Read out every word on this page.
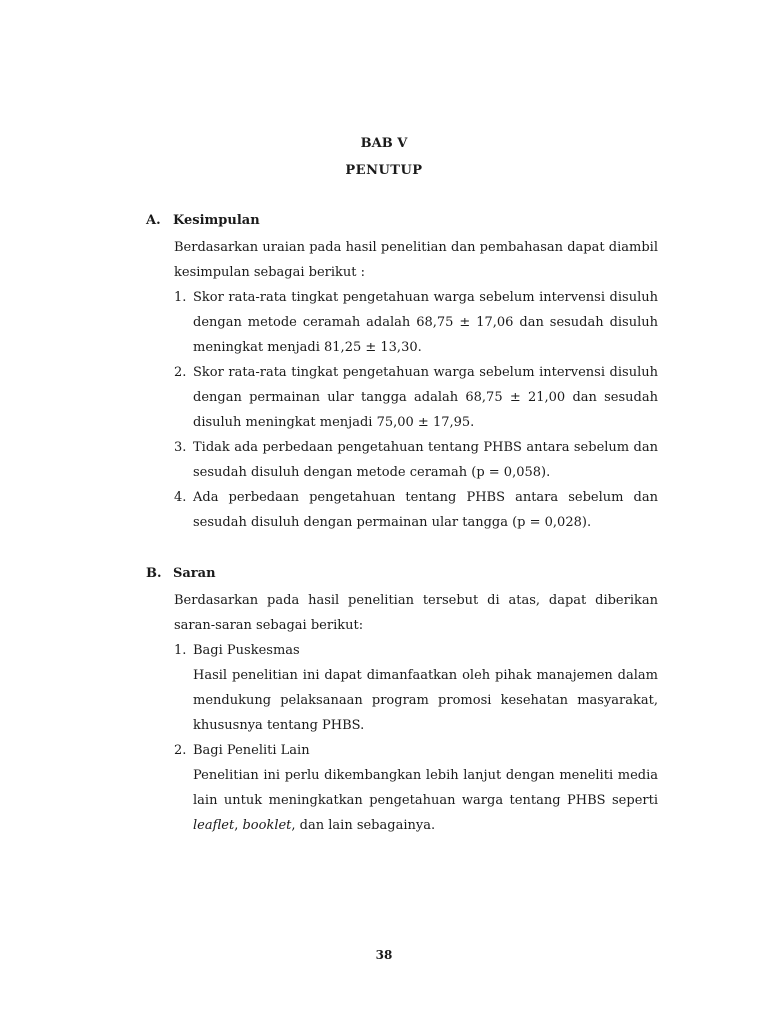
BAB V
PENUTUP
A. Kesimpulan
Berdasarkan uraian pada hasil penelitian dan pembahasan dapat diambil kesimpulan sebagai berikut :
1. Skor rata-rata tingkat pengetahuan warga sebelum intervensi disuluh dengan metode ceramah adalah 68,75 ± 17,06 dan sesudah disuluh meningkat menjadi 81,25 ± 13,30.
2. Skor rata-rata tingkat pengetahuan warga sebelum intervensi disuluh dengan permainan ular tangga adalah 68,75 ± 21,00 dan sesudah disuluh meningkat menjadi 75,00 ± 17,95.
3. Tidak ada perbedaan pengetahuan tentang PHBS antara sebelum dan sesudah disuluh dengan metode ceramah (p = 0,058).
4. Ada perbedaan pengetahuan tentang PHBS antara sebelum dan sesudah disuluh dengan permainan ular tangga (p = 0,028).
B. Saran
Berdasarkan pada hasil penelitian tersebut di atas, dapat diberikan saran-saran sebagai berikut:
1. Bagi Puskesmas
Hasil penelitian ini dapat dimanfaatkan oleh pihak manajemen dalam mendukung pelaksanaan program promosi kesehatan masyarakat, khususnya tentang PHBS.
2. Bagi Peneliti Lain
Penelitian ini perlu dikembangkan lebih lanjut dengan meneliti media lain untuk meningkatkan pengetahuan warga tentang PHBS seperti leaflet, booklet, dan lain sebagainya.
38
